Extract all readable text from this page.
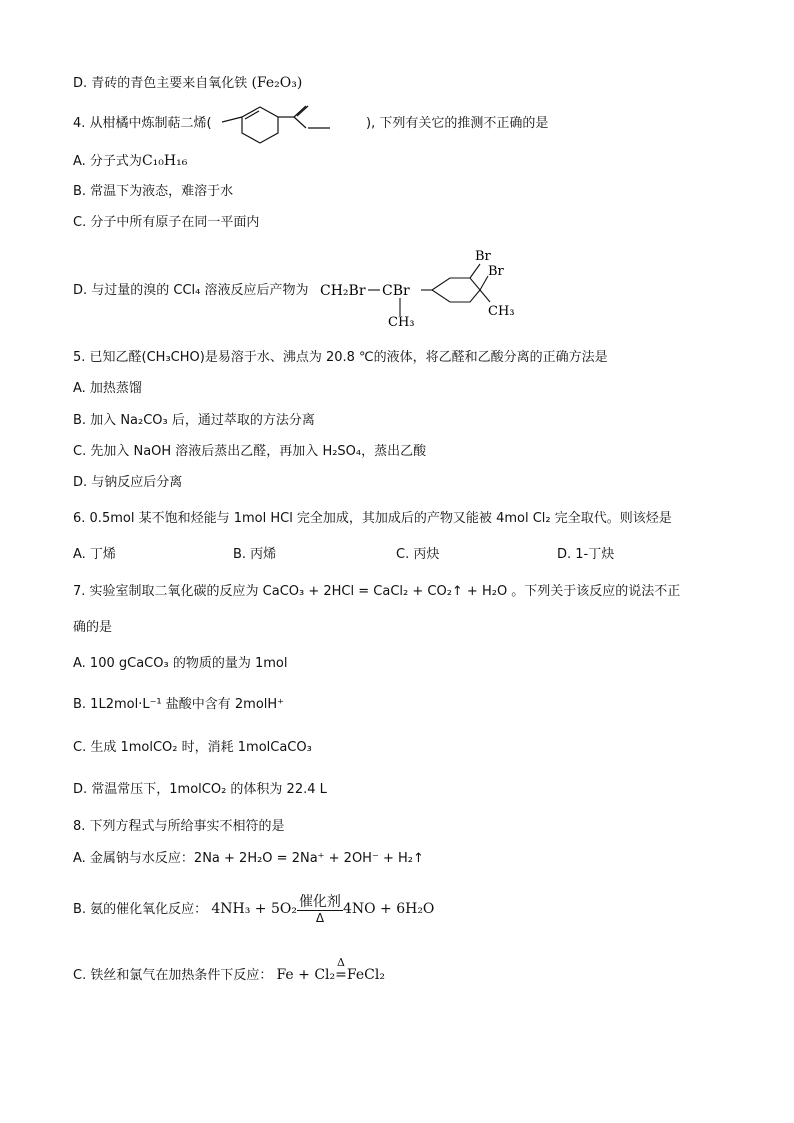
D. 青砖的青色主要来自氧化铁 (Fe₂O₃)
4. 从柑橘中炼制萜二烯(	), 下列有关它的推测不正确的是
A. 分子式为C₁₀H₁₆
B. 常温下为液态，难溶于水
C. 分子中所有原子在同一平面内
D. 与过量的溴的 CCl₄ 溶液反应后产物为 CH₂Br CBr
CH₃
Br
Br
CH₃
5. 已知乙醛(CH₃CHO)是易溶于水、沸点为 20.8 ℃的液体，将乙醛和乙酸分离的正确方法是
A. 加热蒸馏
B. 加入 Na₂CO₃ 后，通过萃取的方法分离
C. 先加入 NaOH 溶液后蒸出乙醛，再加入 H₂SO₄，蒸出乙酸
D. 与钠反应后分离
6. 0.5mol 某不饱和烃能与 1mol HCl 完全加成，其加成后的产物又能被 4mol Cl₂ 完全取代。则该烃是
A. 丁烯	B. 丙烯	C. 丙炔	D. 1-丁炔
7. 实验室制取二氧化碳的反应为 CaCO₃ + 2HCl = CaCl₂ + CO₂↑ + H₂O 。下列关于该反应的说法不正
确的是
A. 100 gCaCO₃ 的物质的量为 1mol
B. 1L2mol·L⁻¹ 盐酸中含有 2molH⁺
C. 生成 1molCO₂ 时，消耗 1molCaCO₃
D. 常温常压下，1molCO₂ 的体积为 22.4 L
8. 下列方程式与所给事实不相符的是
A. 金属钠与水反应：2Na + 2H₂O = 2Na⁺ + 2OH⁻ + H₂↑
B. 氨的催化氧化反应： $4NH_3 + 5O_2 \frac{\text{催化剂}}{\Delta} 4NO + 6H_2O$
C. 铁丝和氯气在加热条件下反应： Fe + Cl₂
Δ
=FeCl₂
